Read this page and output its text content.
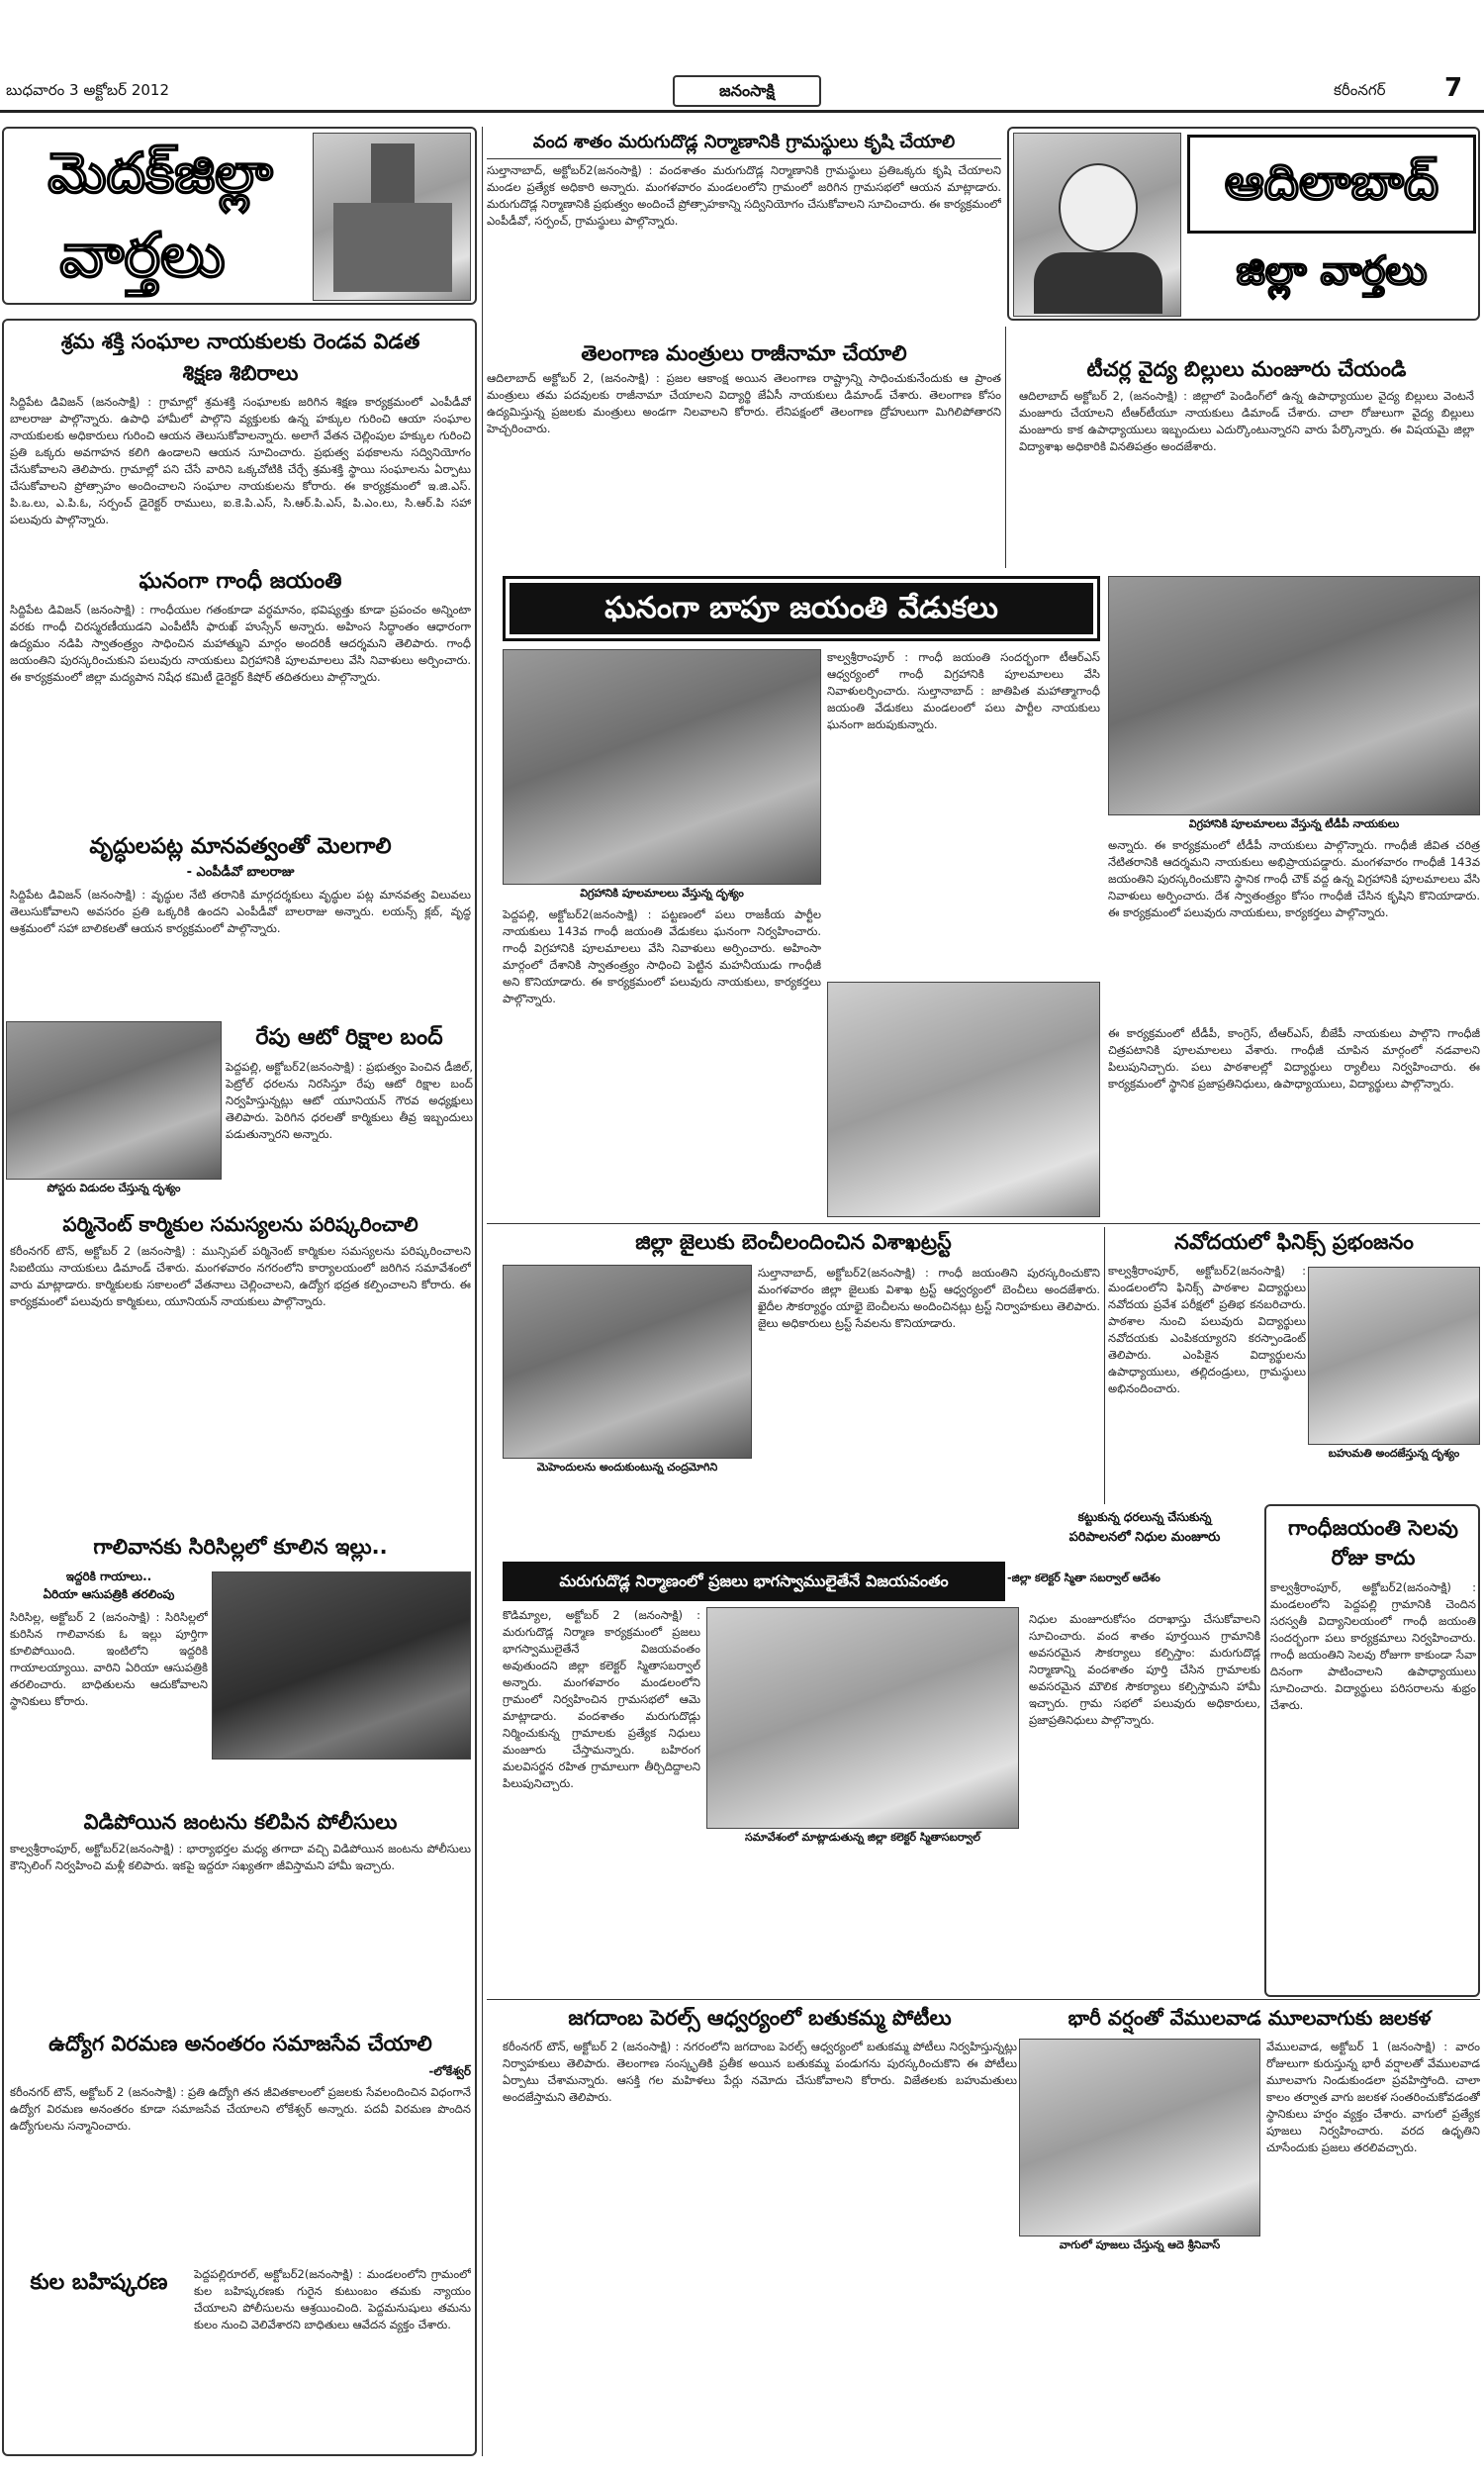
బుధవారం 3 అక్టోబర్ 2012	జనంసాక్షి	కరీంనగర్ 7
మెదక్‌జిల్లా
వార్తలు
శ్రమ శక్తి సంఘాల నాయకులకు రెండవ విడత
శిక్షణ శిబిరాలు
సిద్దిపేట డివిజన్ (జనంసాక్షి) : గ్రామాల్లో శ్రమశక్తి సంఘాలకు జరిగిన శిక్షణ కార్యక్రమంలో ఎంపీడీవో బాలరాజు పాల్గొన్నారు. ఉపాధి హామీలో పాల్గొని వ్యక్తులకు ఉన్న హక్కుల గురించి ఆయా సంఘాల నాయకులకు అధికారులు గురించి ఆయన తెలుసుకోవాలన్నారు. అలాగే వేతన చెల్లింపుల హక్కుల గురించి ప్రతి ఒక్కరు అవగాహన కలిగి ఉండాలని ఆయన సూచించారు. ప్రభుత్వ పథకాలను సద్వినియోగం చేసుకోవాలని తెలిపారు. గ్రామాల్లో పని చేసే వారిని ఒక్కచోటికి చేర్చే శ్రమశక్తి స్థాయి సంఘాలను ఏర్పాటు చేసుకోవాలని ప్రోత్సాహం అందించాలని సంఘాల నాయకులను కోరారు. ఈ కార్యక్రమంలో ఇ.జి.ఎస్. పి.ఒ.లు, ఎ.పి.ఓ, సర్పంచ్ డైరెక్టర్ రాములు, ఐ.కె.పి.ఎస్, సి.ఆర్.పి.ఎస్, పి.ఎం.లు, సి.ఆర్.పి సహా పలువురు పాల్గొన్నారు.
ఘనంగా గాంధీ జయంతి
సిద్దిపేట డివిజన్ (జనంసాక్షి) : గాంధీయుల గతంకూడా వర్ధమానం, భవిష్యత్తు కూడా ప్రపంచం అన్నింటా వరకు గాంధీ చిరస్మరణీయుడని ఎంపీటీసీ ఫారుఖ్ హుస్సేన్ అన్నారు. అహింస సిద్ధాంతం ఆధారంగా ఉద్యమం నడిపి స్వాతంత్ర్యం సాధించిన మహాత్ముని మార్గం అందరికీ ఆదర్శమని తెలిపారు. గాంధీ జయంతిని పురస్కరించుకుని పలువురు నాయకులు విగ్రహానికి పూలమాలలు వేసి నివాళులు అర్పించారు. ఈ కార్యక్రమంలో జిల్లా మద్యపాన నిషేధ కమిటీ డైరెక్టర్ కిషోర్ తదితరులు పాల్గొన్నారు.
వృద్ధులపట్ల మానవత్వంతో మెలగాలి
- ఎంపీడీవో బాలరాజు
సిద్దిపేట డివిజన్ (జనంసాక్షి) : వృద్ధుల నేటి తరానికి మార్గదర్శకులు వృద్ధుల పట్ల మానవత్వ విలువలు తెలుసుకోవాలని అవసరం ప్రతి ఒక్కరికి ఉందని ఎంపీడీవో బాలరాజు అన్నారు. లయన్స్ క్లబ్, వృద్ధ ఆశ్రమంలో సహా బాలికలతో ఆయన కార్యక్రమంలో పాల్గొన్నారు.
పోస్టరు విడుదల చేస్తున్న దృశ్యం
రేపు ఆటో రిక్షాల బంద్
పెద్దపల్లి, అక్టోబర్2(జనంసాక్షి) : ప్రభుత్వం పెంచిన డీజిల్, పెట్రోల్ ధరలను నిరసిస్తూ రేపు ఆటో రిక్షాల బంద్ నిర్వహిస్తున్నట్లు ఆటో యూనియన్ గౌరవ అధ్యక్షులు తెలిపారు. పెరిగిన ధరలతో కార్మికులు తీవ్ర ఇబ్బందులు పడుతున్నారని అన్నారు.
పర్మినెంట్ కార్మికుల సమస్యలను పరిష్కరించాలి
కరీంనగర్ టౌన్, అక్టోబర్ 2 (జనంసాక్షి) : మున్సిపల్ పర్మినెంట్ కార్మికుల సమస్యలను పరిష్కరించాలని సిఐటియు నాయకులు డిమాండ్ చేశారు. మంగళవారం నగరంలోని కార్యాలయంలో జరిగిన సమావేశంలో వారు మాట్లాడారు. కార్మికులకు సకాలంలో వేతనాలు చెల్లించాలని, ఉద్యోగ భద్రత కల్పించాలని కోరారు. ఈ కార్యక్రమంలో పలువురు కార్మికులు, యూనియన్ నాయకులు పాల్గొన్నారు.
గాలివానకు సిరిసిల్లలో కూలిన ఇల్లు..
ఇద్దరికి గాయాలు..
ఏరియా ఆసుపత్రికి తరలింపు
సిరిసిల్ల, అక్టోబర్ 2 (జనంసాక్షి) : సిరిసిల్లలో కురిసిన గాలివానకు ఓ ఇల్లు పూర్తిగా కూలిపోయింది. ఇంటిలోని ఇద్దరికి గాయాలయ్యాయి. వారిని ఏరియా ఆసుపత్రికి తరలించారు. బాధితులను ఆదుకోవాలని స్థానికులు కోరారు.
విడిపోయిన జంటను కలిపిన పోలీసులు
కాల్వశ్రీరాంపూర్, అక్టోబర్2(జనంసాక్షి) : భార్యాభర్తల మధ్య తగాదా వచ్చి విడిపోయిన జంటను పోలీసులు కౌన్సిలింగ్ నిర్వహించి మళ్లీ కలిపారు. ఇకపై ఇద్దరూ సఖ్యతగా జీవిస్తామని హామీ ఇచ్చారు.
ఉద్యోగ విరమణ అనంతరం సమాజసేవ చేయాలి
-లోకేశ్వర్
కరీంనగర్ టౌన్, అక్టోబర్ 2 (జనంసాక్షి) : ప్రతి ఉద్యోగి తన జీవితకాలంలో ప్రజలకు సేవలందించిన విధంగానే ఉద్యోగ విరమణ అనంతరం కూడా సమాజసేవ చేయాలని లోకేశ్వర్ అన్నారు. పదవీ విరమణ పొందిన ఉద్యోగులను సన్మానించారు.
కుల బహిష్కరణ	పెద్దపల్లిరూరల్, అక్టోబర్2(జనంసాక్షి) : మండలంలోని గ్రామంలో కుల బహిష్కరణకు గురైన కుటుంబం తమకు న్యాయం చేయాలని పోలీసులను ఆశ్రయించింది. పెద్దమనుషులు తమను కులం నుంచి వెలివేశారని బాధితులు ఆవేదన వ్యక్తం చేశారు.
వంద శాతం మరుగుదొడ్ల నిర్మాణానికి గ్రామస్థులు కృషి చేయాలి
సుల్తానాబాద్, అక్టోబర్2(జనంసాక్షి) : వందశాతం మరుగుదొడ్ల నిర్మాణానికి గ్రామస్థులు ప్రతిఒక్కరు కృషి చేయాలని మండల ప్రత్యేక అధికారి అన్నారు. మంగళవారం మండలంలోని గ్రామంలో జరిగిన గ్రామసభలో ఆయన మాట్లాడారు. మరుగుదొడ్ల నిర్మాణానికి ప్రభుత్వం అందించే ప్రోత్సాహకాన్ని సద్వినియోగం చేసుకోవాలని సూచించారు. ఈ కార్యక్రమంలో ఎంపీడీవో, సర్పంచ్, గ్రామస్థులు పాల్గొన్నారు.
తెలంగాణ మంత్రులు రాజీనామా చేయాలి
ఆదిలాబాద్ అక్టోబర్ 2, (జనంసాక్షి) : ప్రజల ఆకాంక్ష అయిన తెలంగాణ రాష్ట్రాన్ని సాధించుకునేందుకు ఆ ప్రాంత మంత్రులు తమ పదవులకు రాజీనామా చేయాలని విద్యార్థి జేఏసీ నాయకులు డిమాండ్ చేశారు. తెలంగాణ కోసం ఉద్యమిస్తున్న ప్రజలకు మంత్రులు అండగా నిలవాలని కోరారు. లేనిపక్షంలో తెలంగాణ ద్రోహులుగా మిగిలిపోతారని హెచ్చరించారు.
ఘనంగా బాపూ జయంతి వేడుకలు
విగ్రహానికి పూలమాలలు వేస్తున్న దృశ్యం
పెద్దపల్లి, అక్టోబర్2(జనంసాక్షి) : పట్టణంలో పలు రాజకీయ పార్టీల నాయకులు 143వ గాంధీ జయంతి వేడుకలు ఘనంగా నిర్వహించారు. గాంధీ విగ్రహానికి పూలమాలలు వేసి నివాళులు అర్పించారు. అహింసా మార్గంలో దేశానికి స్వాతంత్ర్యం సాధించి పెట్టిన మహనీయుడు గాంధీజీ అని కొనియాడారు. ఈ కార్యక్రమంలో పలువురు నాయకులు, కార్యకర్తలు పాల్గొన్నారు.
కాల్వశ్రీరాంపూర్ : గాంధీ జయంతి సందర్భంగా టీఆర్ఎస్ ఆధ్వర్యంలో గాంధీ విగ్రహానికి పూలమాలలు వేసి నివాళులర్పించారు. సుల్తానాబాద్ : జాతిపిత మహాత్మాగాంధీ జయంతి వేడుకలు మండలంలో పలు పార్టీల నాయకులు ఘనంగా జరుపుకున్నారు.
జిల్లా జైలుకు బెంచీలందించిన విశాఖట్రస్ట్
మెహెందులను అందుకుంటున్న చంద్రమోగిని
సుల్తానాబాద్, అక్టోబర్2(జనంసాక్షి) : గాంధీ జయంతిని పురస్కరించుకొని మంగళవారం జిల్లా జైలుకు విశాఖ ట్రస్ట్ ఆధ్వర్యంలో బెంచీలు అందజేశారు. ఖైదీల సౌకర్యార్థం యాభై బెంచీలను అందించినట్లు ట్రస్ట్ నిర్వాహకులు తెలిపారు. జైలు అధికారులు ట్రస్ట్ సేవలను కొనియాడారు.
మరుగుదొడ్ల నిర్మాణంలో ప్రజలు భాగస్వాములైతేనే విజయవంతం	-జిల్లా కలెక్టర్ స్మితా సబర్వాల్ ఆదేశం
కొడిమ్యాల, అక్టోబర్ 2 (జనంసాక్షి) : మరుగుదొడ్ల నిర్మాణ కార్యక్రమంలో ప్రజలు భాగస్వాములైతేనే విజయవంతం అవుతుందని జిల్లా కలెక్టర్ స్మితాసబర్వాల్ అన్నారు. మంగళవారం మండలంలోని గ్రామంలో నిర్వహించిన గ్రామసభలో ఆమె మాట్లాడారు. వందశాతం మరుగుదొడ్లు నిర్మించుకున్న గ్రామాలకు ప్రత్యేక నిధులు మంజూరు చేస్తామన్నారు. బహిరంగ మలవిసర్జన రహిత గ్రామాలుగా తీర్చిదిద్దాలని పిలుపునిచ్చారు.
సమావేశంలో మాట్లాడుతున్న జిల్లా కలెక్టర్ స్మితాసబర్వాల్
జగదాంబ పెరల్స్ ఆధ్వర్యంలో బతుకమ్మ పోటీలు
కరీంనగర్ టౌన్, అక్టోబర్ 2 (జనంసాక్షి) : నగరంలోని జగదాంబ పెరల్స్ ఆధ్వర్యంలో బతుకమ్మ పోటీలు నిర్వహిస్తున్నట్లు నిర్వాహకులు తెలిపారు. తెలంగాణ సంస్కృతికి ప్రతీక అయిన బతుకమ్మ పండుగను పురస్కరించుకొని ఈ పోటీలు ఏర్పాటు చేశామన్నారు. ఆసక్తి గల మహిళలు పేర్లు నమోదు చేసుకోవాలని కోరారు. విజేతలకు బహుమతులు అందజేస్తామని తెలిపారు.
ఆదిలాబాద్
జిల్లా వార్తలు
టీచర్ల వైద్య బిల్లులు మంజూరు చేయండి
ఆదిలాబాద్ అక్టోబర్ 2, (జనంసాక్షి) : జిల్లాలో పెండింగ్‌లో ఉన్న ఉపాధ్యాయుల వైద్య బిల్లులు వెంటనే మంజూరు చేయాలని టీఆర్‌టీయూ నాయకులు డిమాండ్ చేశారు. చాలా రోజులుగా వైద్య బిల్లులు మంజూరు కాక ఉపాధ్యాయులు ఇబ్బందులు ఎదుర్కొంటున్నారని వారు పేర్కొన్నారు. ఈ విషయమై జిల్లా విద్యాశాఖ అధికారికి వినతిపత్రం అందజేశారు.
విగ్రహానికి పూలమాలలు వేస్తున్న టీడీపీ నాయకులు
అన్నారు. ఈ కార్యక్రమంలో టీడీపీ నాయకులు పాల్గొన్నారు. గాంధీజీ జీవిత చరిత్ర నేటితరానికి ఆదర్శమని నాయకులు అభిప్రాయపడ్డారు. మంగళవారం గాంధీజీ 143వ జయంతిని పురస్కరించుకొని స్థానిక గాంధీ చౌక్ వద్ద ఉన్న విగ్రహానికి పూలమాలలు వేసి నివాళులు అర్పించారు. దేశ స్వాతంత్ర్యం కోసం గాంధీజీ చేసిన కృషిని కొనియాడారు. ఈ కార్యక్రమంలో పలువురు నాయకులు, కార్యకర్తలు పాల్గొన్నారు.
ఈ కార్యక్రమంలో టీడీపీ, కాంగ్రెస్, టీఆర్ఎస్, బీజేపీ నాయకులు పాల్గొని గాంధీజీ చిత్రపటానికి పూలమాలలు వేశారు. గాంధీజీ చూపిన మార్గంలో నడవాలని పిలుపునిచ్చారు. పలు పాఠశాలల్లో విద్యార్థులు ర్యాలీలు నిర్వహించారు. ఈ కార్యక్రమంలో స్థానిక ప్రజాప్రతినిధులు, ఉపాధ్యాయులు, విద్యార్థులు పాల్గొన్నారు.
నవోదయలో ఫినిక్స్ ప్రభంజనం
కాల్వశ్రీరాంపూర్, అక్టోబర్2(జనంసాక్షి) : మండలంలోని ఫినిక్స్ పాఠశాల విద్యార్థులు నవోదయ ప్రవేశ పరీక్షలో ప్రతిభ కనబరిచారు. పాఠశాల నుంచి పలువురు విద్యార్థులు నవోదయకు ఎంపికయ్యారని కరస్పాండెంట్ తెలిపారు. ఎంపికైన విద్యార్థులను ఉపాధ్యాయులు, తల్లిదండ్రులు, గ్రామస్థులు అభినందించారు.
బహుమతి అందజేస్తున్న దృశ్యం
కట్టుకున్న ధరలున్న చేసుకున్న
పరిపాలనలో నిధుల మంజూరు
నిధుల మంజూరుకోసం దరాఖాస్తు చేసుకోవాలని సూచించారు. వంద శాతం పూర్తయిన గ్రామానికి అవసరమైన సౌకర్యాలు కల్పిస్తాం: మరుగుదొడ్ల నిర్మాణాన్ని వందశాతం పూర్తి చేసిన గ్రామాలకు అవసరమైన మౌలిక సౌకర్యాలు కల్పిస్తామని హామీ ఇచ్చారు. గ్రామ సభలో పలువురు అధికారులు, ప్రజాప్రతినిధులు పాల్గొన్నారు.
గాంధీజయంతి సెలవు
రోజు కాదు
కాల్వశ్రీరాంపూర్, అక్టోబర్2(జనంసాక్షి) : మండలంలోని పెద్దపల్లి గ్రామానికి చెందిన సరస్వతీ విద్యానిలయంలో గాంధీ జయంతి సందర్భంగా పలు కార్యక్రమాలు నిర్వహించారు. గాంధీ జయంతిని సెలవు రోజుగా కాకుండా సేవా దినంగా పాటించాలని ఉపాధ్యాయులు సూచించారు. విద్యార్థులు పరిసరాలను శుభ్రం చేశారు.
భారీ వర్షంతో వేములవాడ మూలవాగుకు జలకళ
వాగులో పూజలు చేస్తున్న ఆదె శ్రీనివాస్
వేములవాడ, అక్టోబర్ 1 (జనంసాక్షి) : వారం రోజులుగా కురుస్తున్న భారీ వర్షాలతో వేములవాడ మూలవాగు నిండుకుండలా ప్రవహిస్తోంది. చాలా కాలం తర్వాత వాగు జలకళ సంతరించుకోవడంతో స్థానికులు హర్షం వ్యక్తం చేశారు. వాగులో ప్రత్యేక పూజలు నిర్వహించారు. వరద ఉధృతిని చూసేందుకు ప్రజలు తరలివచ్చారు.
